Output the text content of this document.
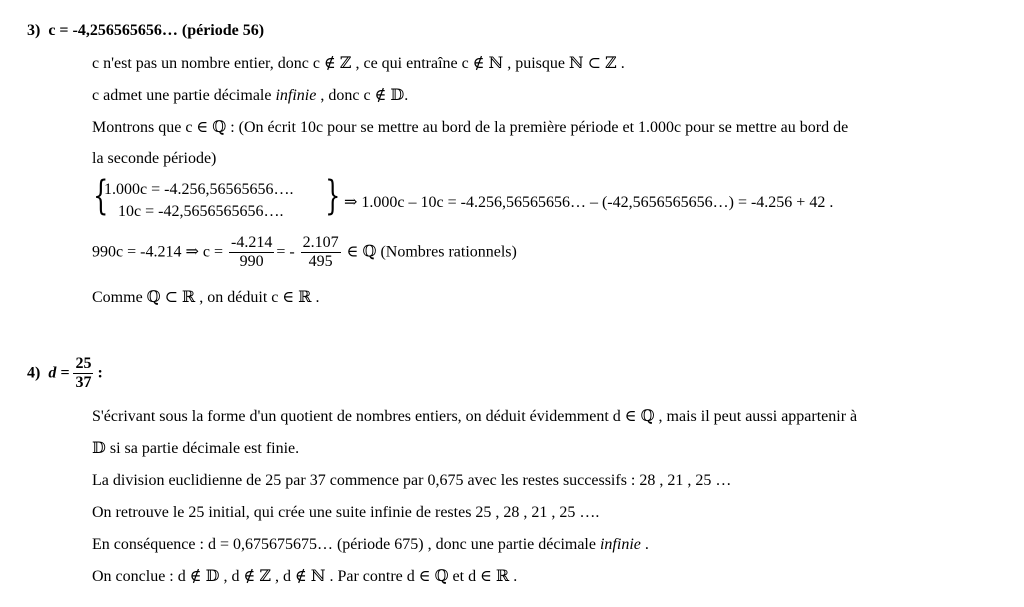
3) c = -4,256565656… (période 56)
c n'est pas un nombre entier, donc c ∉ ℤ , ce qui entraîne c ∉ ℕ , puisque ℕ ⊂ ℤ .
c admet une partie décimale infinie , donc c ∉ 𝔻.
Montrons que c ∈ ℚ : (On écrit 10c pour se mettre au bord de la première période et 1.000c pour se mettre au bord de
la seconde période)
{
1.000c = -4.256,56565656….
10c = -42,5656565656…. } ⇒ 1.000c – 10c = -4.256,56565656… – (-42,5656565656…) = -4.256 + 42 .
990c = -4.214 ⇒ $c = \frac{-4.214}{990}$ = - $\frac{2.107}{495}$ ∈ ℚ (Nombres rationnels)
Comme ℚ ⊂ ℝ , on déduit c ∈ ℝ .
4) $d = \frac{25}{37}$ :
S'écrivant sous la forme d'un quotient de nombres entiers, on déduit évidemment d ∈ ℚ , mais il peut aussi appartenir à
𝔻 si sa partie décimale est finie.
La division euclidienne de 25 par 37 commence par 0,675 avec les restes successifs : 28 , 21 , 25 …
On retrouve le 25 initial, qui crée une suite infinie de restes 25 , 28 , 21 , 25 ….
En conséquence : d = 0,675675675… (période 675) , donc une partie décimale infinie .
On conclue : d ∉ 𝔻 , d ∉ ℤ , d ∉ ℕ . Par contre d ∈ ℚ et d ∈ ℝ .
